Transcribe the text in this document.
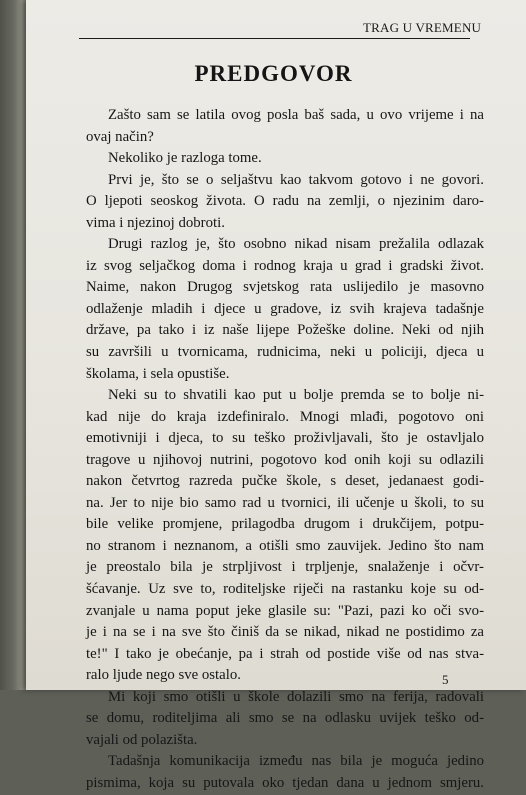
TRAG U VREMENU
PREDGOVOR
Zašto sam se latila ovog posla baš sada, u ovo vrijeme i na
ovaj način?
Nekoliko je razloga tome.
Prvi je, što se o seljaštvu kao takvom gotovo i ne govori.
O ljepoti seoskog života. O radu na zemlji, o njezinim darо-
vima i njezinoj dobroti.
Drugi razlog je, što osobno nikad nisam prežalila odlazak
iz svog seljačkog doma i rodnog kraja u grad i gradski život.
Naime, nakon Drugog svjetskog rata uslijedilo je masovno
odlaženje mladih i djece u gradove, iz svih krajeva tadašnje
države, pa tako i iz naše lijepe Požeške doline. Neki od njih
su završili u tvornicama, rudnicima, neki u policiji, djeca u
školama, i sela opustiše.
Neki su to shvatili kao put u bolje premda se to bolje ni-
kad nije do kraja izdefiniralo. Mnogi mlađi, pogotovo oni
emotivniji i djeca, to su teško proživljavali, što je ostavljalo
tragove u njihovoj nutrini, pogotovo kod onih koji su odlazili
nakon četvrtog razreda pučke škole, s deset, jedanaest godi-
na. Jer to nije bio samo rad u tvornici, ili učenje u školi, to su
bile velike promjene, prilagodba drugom i drukčijem, potpu-
no stranom i neznanom, a otišli smo zauvijek. Jedino što nam
je preostalo bila je strpljivost i trpljenje, snalaženje i očvr-
šćavanje. Uz sve to, roditeljske riječi na rastanku koje su od-
zvanjale u nama poput jeke glasile su: "Pazi, pazi ko oči svo-
je i na se i na sve što činiš da se nikad, nikad ne postidimo za
te!" I tako je obećanje, pa i strah od postide više od nas stva-
ralo ljude nego sve ostalo.
Mi koji smo otišli u škole dolazili smo na ferija, radovali
se domu, roditeljima ali smo se na odlasku uvijek teško od-
vajali od polazišta.
Tadašnja komunikacija između nas bila je moguća jedino
pismima, koja su putovala oko tjedan dana u jednom smjeru.
5
